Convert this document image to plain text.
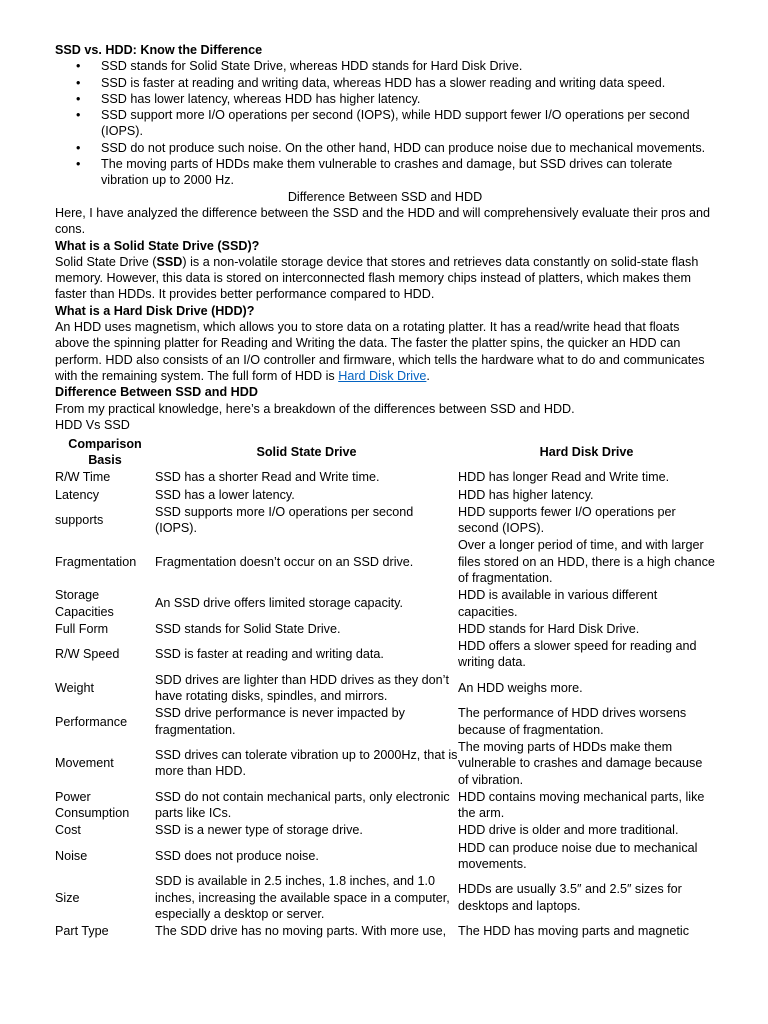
SSD vs. HDD: Know the Difference

• SSD stands for Solid State Drive, whereas HDD stands for Hard Disk Drive.
• SSD is faster at reading and writing data, whereas HDD has a slower reading and writing data speed.
• SSD has lower latency, whereas HDD has higher latency.
• SSD support more I/O operations per second (IOPS), while HDD support fewer I/O operations per second (IOPS).
• SSD do not produce such noise. On the other hand, HDD can produce noise due to mechanical movements.
• The moving parts of HDDs make them vulnerable to crashes and damage, but SSD drives can tolerate vibration up to 2000 Hz.

Difference Between SSD and HDD

Here, I have analyzed the difference between the SSD and the HDD and will comprehensively evaluate their pros and cons.

What is a Solid State Drive (SSD)?

Solid State Drive (SSD) is a non-volatile storage device that stores and retrieves data constantly on solid-state flash memory. However, this data is stored on interconnected flash memory chips instead of platters, which makes them faster than HDDs. It provides better performance compared to HDD.

What is a Hard Disk Drive (HDD)?

An HDD uses magnetism, which allows you to store data on a rotating platter. It has a read/write head that floats above the spinning platter for Reading and Writing the data. The faster the platter spins, the quicker an HDD can perform. HDD also consists of an I/O controller and firmware, which tells the hardware what to do and communicates with the remaining system. The full form of HDD is Hard Disk Drive.

Difference Between SSD and HDD

From my practical knowledge, here’s a breakdown of the differences between SSD and HDD.

HDD Vs SSD

Comparison Basis	Solid State Drive	Hard Disk Drive
R/W Time	SSD has a shorter Read and Write time.	HDD has longer Read and Write time.
Latency	SSD has a lower latency.	HDD has higher latency.
supports	SSD supports more I/O operations per second (IOPS).	HDD supports fewer I/O operations per second (IOPS).
Fragmentation	Fragmentation doesn’t occur on an SSD drive.	Over a longer period of time, and with larger files stored on an HDD, there is a high chance of fragmentation.
Storage Capacities	An SSD drive offers limited storage capacity.	HDD is available in various different capacities.
Full Form	SSD stands for Solid State Drive.	HDD stands for Hard Disk Drive.
R/W Speed	SSD is faster at reading and writing data.	HDD offers a slower speed for reading and writing data.
Weight	SDD drives are lighter than HDD drives as they don’t have rotating disks, spindles, and mirrors.	An HDD weighs more.
Performance	SSD drive performance is never impacted by fragmentation.	The performance of HDD drives worsens because of fragmentation.
Movement	SSD drives can tolerate vibration up to 2000Hz, that is more than HDD.	The moving parts of HDDs make them vulnerable to crashes and damage because of vibration.
Power Consumption	SSD do not contain mechanical parts, only electronic parts like ICs.	HDD contains moving mechanical parts, like the arm.
Cost	SSD is a newer type of storage drive.	HDD drive is older and more traditional.
Noise	SSD does not produce noise.	HDD can produce noise due to mechanical movements.
Size	SDD is available in 2.5 inches, 1.8 inches, and 1.0 inches, increasing the available space in a computer, especially a desktop or server.	HDDs are usually 3.5″ and 2.5″ sizes for desktops and laptops.
Part Type	The SDD drive has no moving parts. With more use,	The HDD has moving parts and magnetic
